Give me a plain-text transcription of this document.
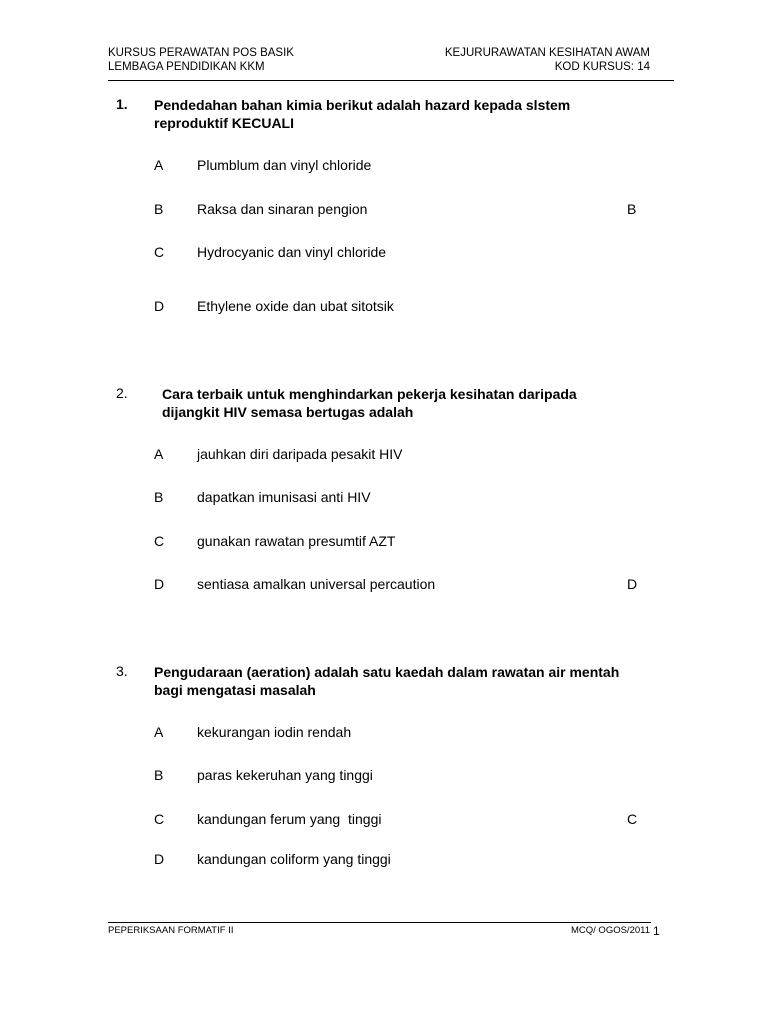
KURSUS PERAWATAN POS BASIK
LEMBAGA PENDIDIKAN KKM
KEJURURAWATAN KESIHATAN AWAM
KOD KURSUS: 14
1. Pendedahan bahan kimia berikut adalah hazard kepada slstem reproduktif KECUALI
A Plumblum dan vinyl chloride
B Raksa dan sinaran pengion	B
C Hydrocyanic dan vinyl chloride
D Ethylene oxide dan ubat sitotsik
2. Cara terbaik untuk menghindarkan pekerja kesihatan daripada dijangkit HIV semasa bertugas adalah
A jauhkan diri daripada pesakit HIV
B dapatkan imunisasi anti HIV
C gunakan rawatan presumtif AZT
D sentiasa amalkan universal percaution	D
3. Pengudaraan (aeration) adalah satu kaedah dalam rawatan air mentah bagi mengatasi masalah
A kekurangan iodin rendah
B paras kekeruhan yang tinggi
C kandungan ferum yang  tinggi	C
D kandungan coliform yang tinggi
PEPERIKSAAN FORMATIF II	MCQ/ OGOS/2011 1
